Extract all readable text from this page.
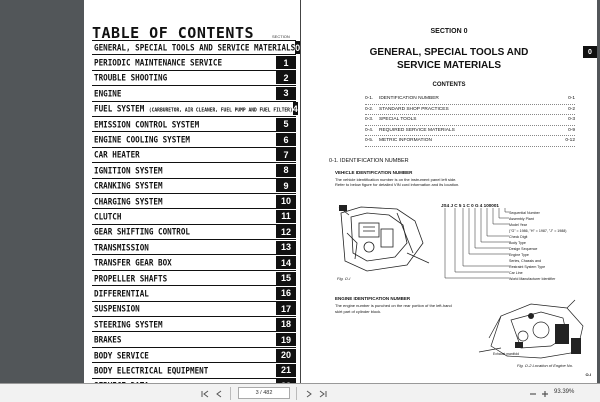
TABLE OF CONTENTS	SECTION
GENERAL, SPECIAL TOOLS AND SERVICE MATERIALS 0
PERIODIC MAINTENANCE SERVICE	1
TROUBLE SHOOTING	2
ENGINE	3
FUEL SYSTEM (CARBURETOR, AIR CLEANER, FUEL PUMP AND FUEL FILTER) 4
EMISSION CONTROL SYSTEM	5
ENGINE COOLING SYSTEM	6
CAR HEATER	7
IGNITION SYSTEM	8
CRANKING SYSTEM	9
CHARGING SYSTEM	10
CLUTCH	11
GEAR SHIFTING CONTROL	12
TRANSMISSION	13
TRANSFER GEAR BOX	14
PROPELLER SHAFTS	15
DIFFERENTIAL	16
SUSPENSION	17
STEERING SYSTEM	18
BRAKES	19
BODY SERVICE	20
BODY ELECTRICAL EQUIPMENT	21
SECTION 0
0
GENERAL, SPECIAL TOOLS AND
SERVICE MATERIALS
CONTENTS
0-1.	IDENTIFICATION NUMBER	0-1
0-2.	STANDARD SHOP PRACTICES	0-2
0-3.	SPECIAL TOOLS	0-3
0-4.	REQUIRED SERVICE MATERIALS	0-9
0-5.	METRIC INFORMATION	0-12
0-1. IDENTIFICATION NUMBER
VEHICLE IDENTIFICATION NUMBER
The vehicle identification number is on the instrument panel left side.
Refer to below figure for detailed VIN cord information and its location.
Fig. O-I
JS4 J C 5 1 C 0 G 4 100001
Sequential Number
Assembly Plant
Model Year
("G" = 1986, "H" = 1987, "J" = 1988)
Check Digit
Body Type
Design Sequence
Engine Type
Series, Chassis and
Restraint System Type
Car Line
World Manufacturer Identifier
ENGINE IDENTIFICATION NUMBER
The engine number is punched on the rear portion of the left-hand skirt part of cylinder block.
Exhaust manifold
Fig. O-2 Location of Engine No.
O-I
3 / 482	93.39%
